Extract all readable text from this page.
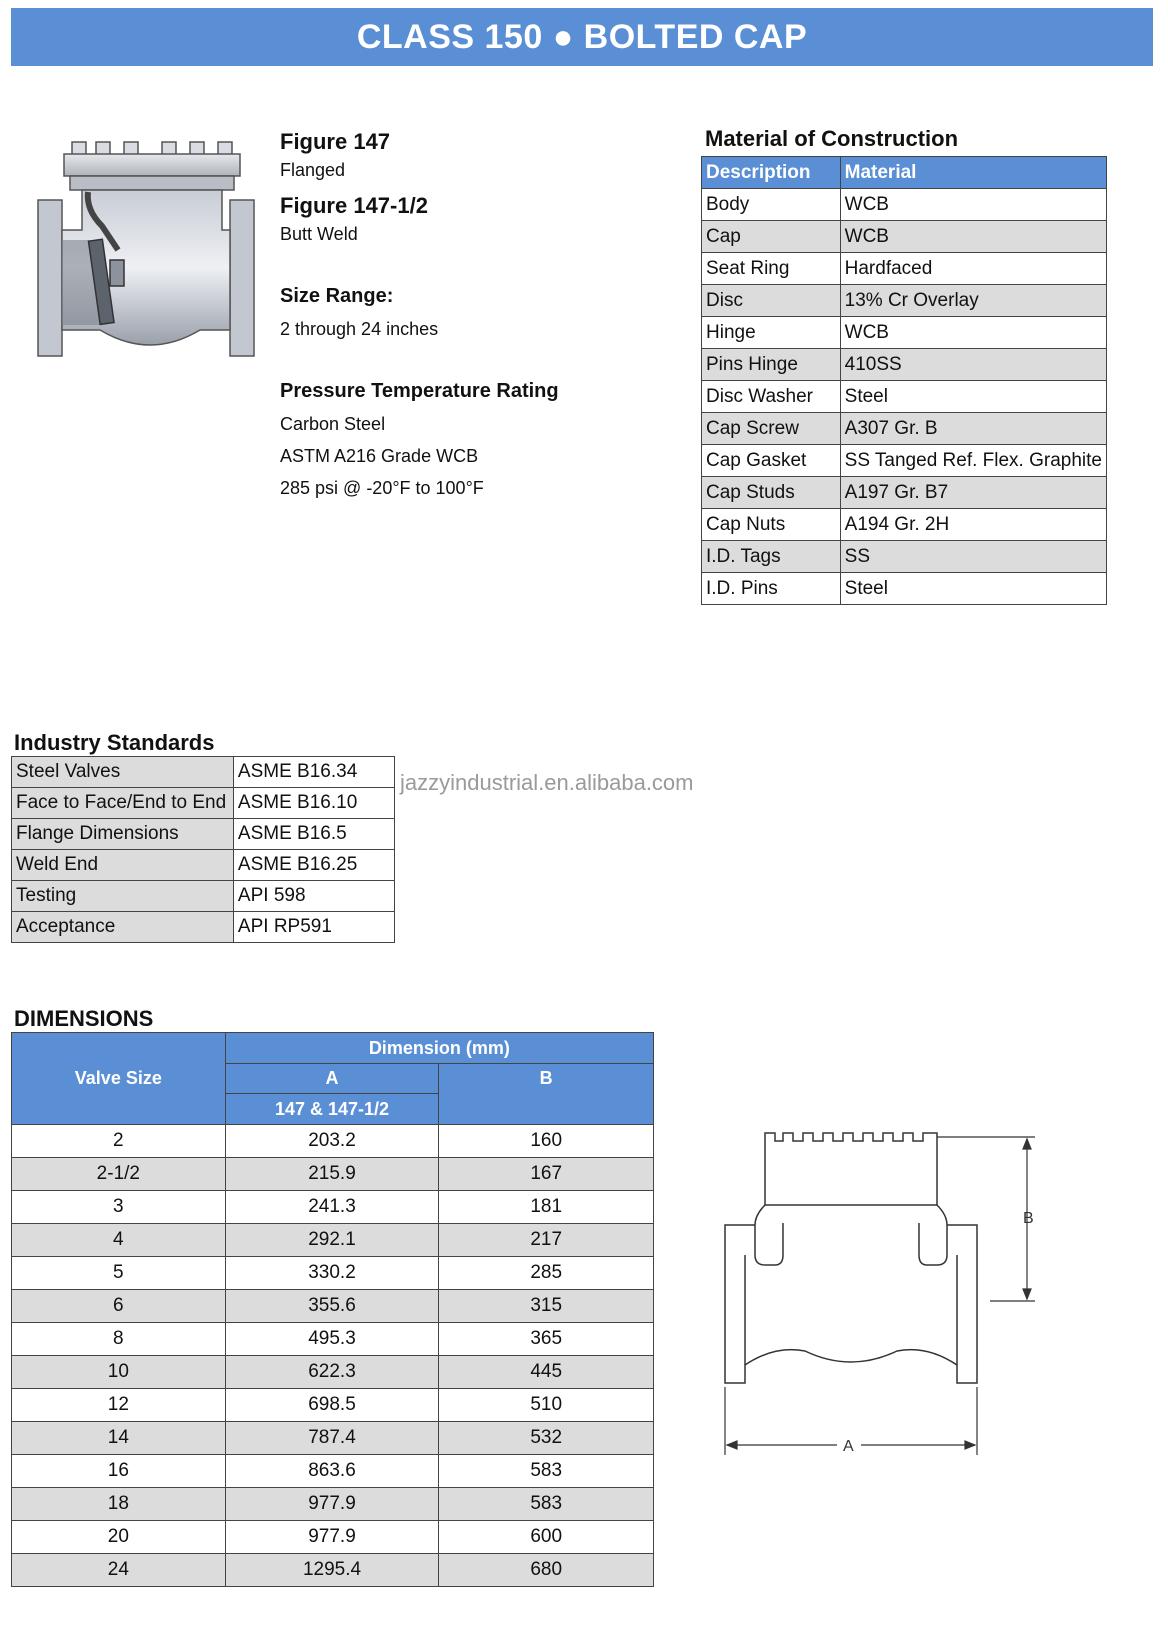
CLASS 150 ● BOLTED CAP
Figure 147
Flanged
Figure 147-1/2
Butt Weld
Size Range:
2 through 24 inches
Pressure Temperature Rating
Carbon Steel
ASTM A216 Grade WCB
285 psi @ -20°F to 100°F
Material of Construction
Description	Material
Body	WCB
Cap	WCB
Seat Ring	Hardfaced
Disc	13% Cr Overlay
Hinge	WCB
Pins Hinge	410SS
Disc Washer	Steel
Cap Screw	A307 Gr. B
Cap Gasket	SS Tanged Ref. Flex. Graphite
Cap Studs	A197 Gr. B7
Cap Nuts	A194 Gr. 2H
I.D. Tags	SS
I.D. Pins	Steel
Industry Standards
Steel Valves	ASME B16.34
Face to Face/End to End	ASME B16.10
Flange Dimensions	ASME B16.5
Weld End	ASME B16.25
Testing	API 598
Acceptance	API RP591
jazzyindustrial.en.alibaba.com
DIMENSIONS
Valve Size	Dimension (mm)	
	A	B
	147 & 147-1/2	
2	203.2	160
2-1/2	215.9	167
3	241.3	181
4	292.1	217
5	330.2	285
6	355.6	315
8	495.3	365
10	622.3	445
12	698.5	510
14	787.4	532
16	863.6	583
18	977.9	583
20	977.9	600
24	1295.4	680
B
A
